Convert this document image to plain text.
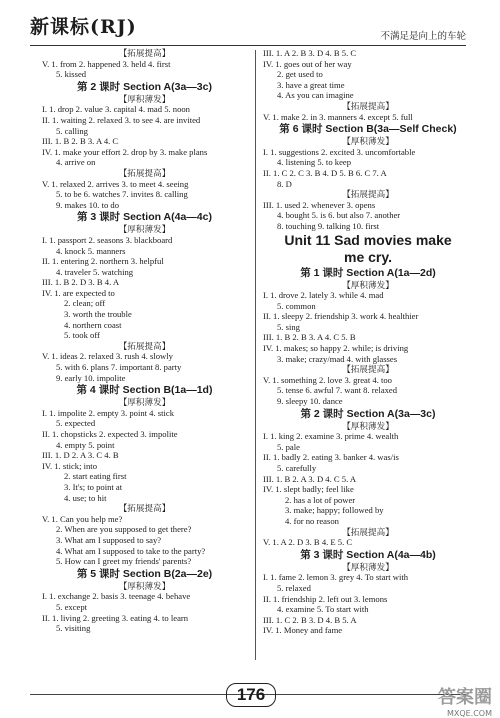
新课标(RJ)	不满足是向上的车轮
【 拓展提高 】
V. 1. from 2. happened 3. held 4. first
5. kissed
第 2 课时 Section A(3a—3c)
【 厚积薄发 】
I. 1. drop 2. value 3. capital 4. mad 5. noon
II. 1. waiting 2. relaxed 3. to see 4. are invited
5. calling
III. 1. B 2. B 3. A 4. C
IV. 1. make your effort 2. drop by 3. make plans
4. arrive on
【 拓展提高 】
V. 1. relaxed 2. arrives 3. to meet 4. seeing
5. to be 6. watches 7. invites 8. calling
9. makes 10. to do
第 3 课时 Section A(4a—4c)
【 厚积薄发 】
I. 1. passport 2. seasons 3. blackboard
4. knock 5. manners
II. 1. entering 2. northern 3. helpful
4. traveler 5. watching
III. 1. B 2. D 3. B 4. A
IV. 1. are expected to
2. clean; off
3. worth the trouble
4. northern coast
5. took off
【 拓展提高 】
V. 1. ideas 2. relaxed 3. rush 4. slowly
5. with 6. plans 7. important 8. party
9. early 10. impolite
第 4 课时 Section B(1a—1d)
【 厚积薄发 】
I. 1. impolite 2. empty 3. point 4. stick
5. expected
II. 1. chopsticks 2. expected 3. impolite
4. empty 5. point
III. 1. D 2. A 3. C 4. B
IV. 1. stick; into
2. start eating first
3. It's; to point at
4. use; to hit
【 拓展提高 】
V. 1. Can you help me?
2. When are you supposed to get there?
3. What am I supposed to say?
4. What am I supposed to take to the party?
5. How can I greet my friends' parents?
第 5 课时 Section B(2a—2e)
【 厚积薄发 】
I. 1. exchange 2. basis 3. teenage 4. behave
5. except
II. 1. living 2. greeting 3. eating 4. to learn
5. visiting
III. 1. A 2. B 3. D 4. B 5. C
IV. 1. goes out of her way
2. get used to
3. have a great time
4. As you can imagine
【 拓展提高 】
V. 1. make 2. in 3. manners 4. except 5. full
第 6 课时 Section B(3a—Self Check)
【 厚积薄发 】
I. 1. suggestions 2. excited 3. uncomfortable
4. listening 5. to keep
II. 1. C 2. C 3. B 4. D 5. B 6. C 7. A
8. D
【 拓展提高 】
III. 1. used 2. whenever 3. opens
4. bought 5. is 6. but also 7. another
8. touching 9. talking 10. first
Unit 11 Sad movies make
me cry.
第 1 课时 Section A(1a—2d)
【 厚积薄发 】
I. 1. drove 2. lately 3. while 4. mad
5. common
II. 1. sleepy 2. friendship 3. work 4. healthier
5. sing
III. 1. B 2. B 3. A 4. C 5. B
IV. 1. makes; so happy 2. while; is driving
3. make; crazy/mad 4. with glasses
【 拓展提高 】
V. 1. something 2. love 3. great 4. too
5. tense 6. awful 7. want 8. relaxed
9. sleepy 10. dance
第 2 课时 Section A(3a—3c)
【 厚积薄发 】
I. 1. king 2. examine 3. prime 4. wealth
5. pale
II. 1. badly 2. eating 3. banker 4. was/is
5. carefully
III. 1. B 2. A 3. D 4. C 5. A
IV. 1. slept badly; feel like
2. has a lot of power
3. make; happy; followed by
4. for no reason
【 拓展提高 】
V. 1. A 2. D 3. B 4. E 5. C
第 3 课时 Section A(4a—4b)
【 厚积薄发 】
I. 1. fame 2. lemon 3. grey 4. To start with
5. relaxed
II. 1. friendship 2. left out 3. lemons
4. examine 5. To start with
III. 1. C 2. B 3. D 4. B 5. A
IV. 1. Money and fame
176	答案圈
MXQE.COM
